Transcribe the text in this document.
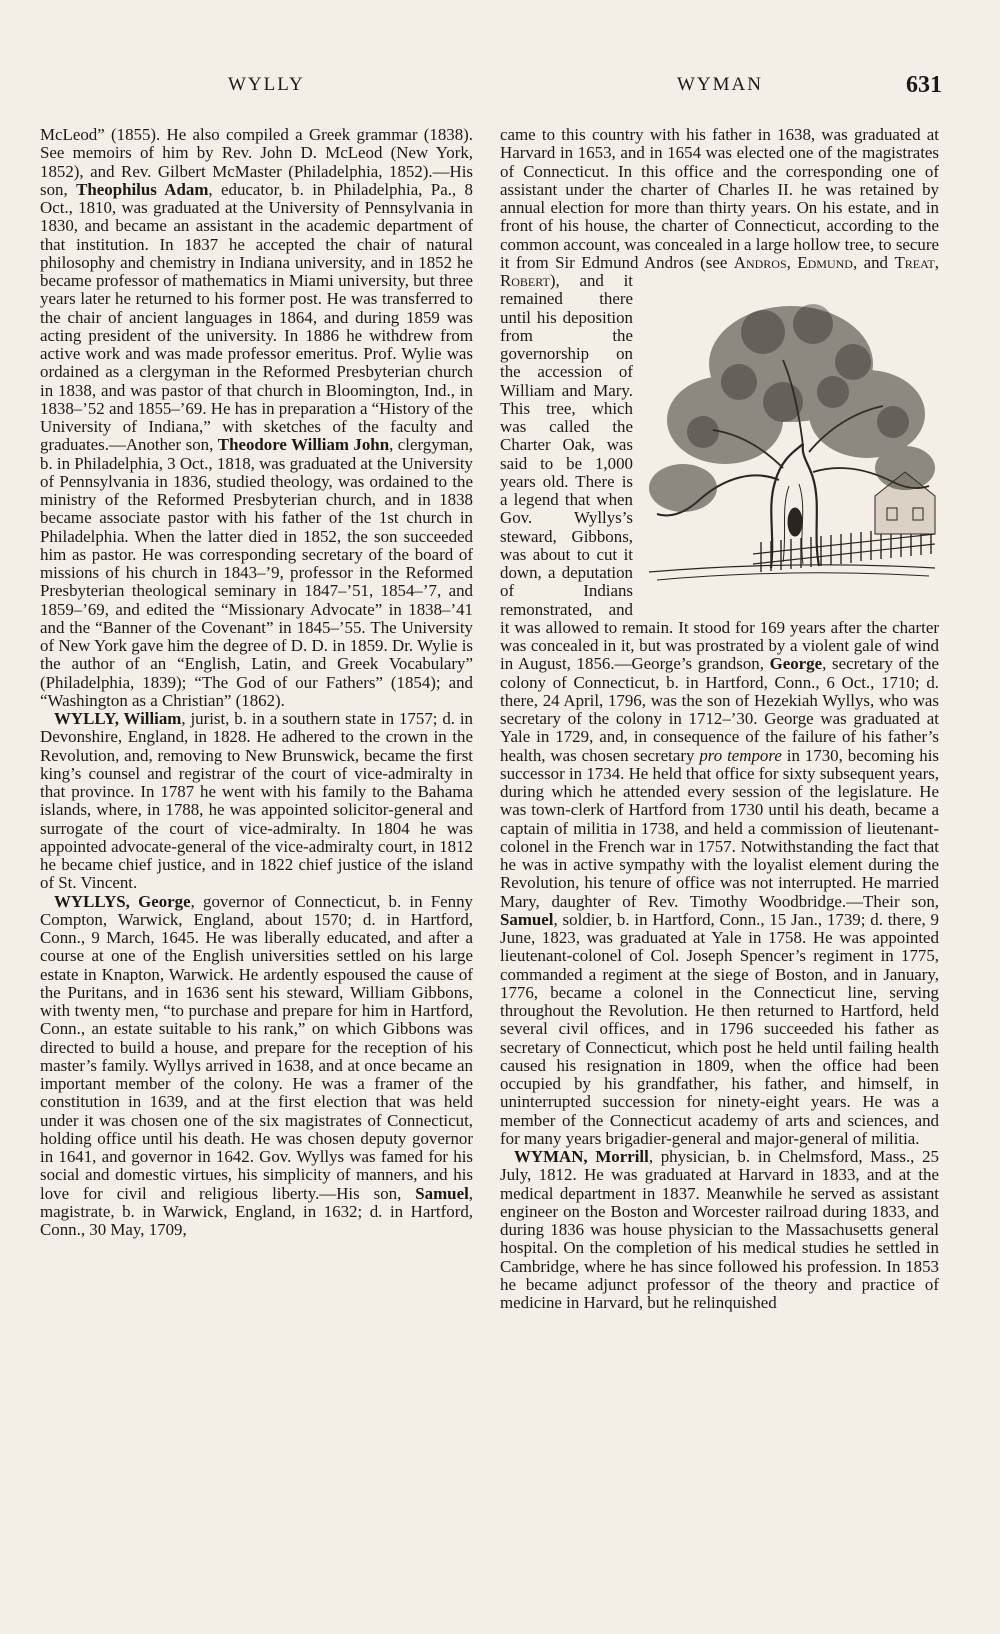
WYLLY	WYMAN	631

McLeod” (1855). He also compiled a Greek grammar (1838). See memoirs of him by Rev. John D. McLeod (New York, 1852), and Rev. Gilbert McMaster (Philadelphia, 1852).—His son, Theophilus Adam, educator, b. in Philadelphia, Pa., 8 Oct., 1810, was graduated at the University of Pennsylvania in 1830, and became an assistant in the academic department of that institution. In 1837 he accepted the chair of natural philosophy and chemistry in Indiana university, and in 1852 he became professor of mathematics in Miami university, but three years later he returned to his former post. He was transferred to the chair of ancient languages in 1864, and during 1859 was acting president of the university. In 1886 he withdrew from active work and was made professor emeritus. Prof. Wylie was ordained as a clergyman in the Reformed Presbyterian church in 1838, and was pastor of that church in Bloomington, Ind., in 1838–’52 and 1855–’69. He has in preparation a “History of the University of Indiana,” with sketches of the faculty and graduates.—Another son, Theodore William John, clergyman, b. in Philadelphia, 3 Oct., 1818, was graduated at the University of Pennsylvania in 1836, studied theology, was ordained to the ministry of the Reformed Presbyterian church, and in 1838 became associate pastor with his father of the 1st church in Philadelphia. When the latter died in 1852, the son succeeded him as pastor. He was corresponding secretary of the board of missions of his church in 1843–’9, professor in the Reformed Presbyterian theological seminary in 1847–’51, 1854–’7, and 1859–’69, and edited the “Missionary Advocate” in 1838–’41 and the “Banner of the Covenant” in 1845–’55. The University of New York gave him the degree of D. D. in 1859. Dr. Wylie is the author of an “English, Latin, and Greek Vocabulary” (Philadelphia, 1839); “The God of our Fathers” (1854); and “Washington as a Christian” (1862).

WYLLY, William, jurist, b. in a southern state in 1757; d. in Devonshire, England, in 1828. He adhered to the crown in the Revolution, and, removing to New Brunswick, became the first king’s counsel and registrar of the court of vice-admiralty in that province. In 1787 he went with his family to the Bahama islands, where, in 1788, he was appointed solicitor-general and surrogate of the court of vice-admiralty. In 1804 he was appointed advocate-general of the vice-admiralty court, in 1812 he became chief justice, and in 1822 chief justice of the island of St. Vincent.

WYLLYS, George, governor of Connecticut, b. in Fenny Compton, Warwick, England, about 1570; d. in Hartford, Conn., 9 March, 1645. He was liberally educated, and after a course at one of the English universities settled on his large estate in Knapton, Warwick. He ardently espoused the cause of the Puritans, and in 1636 sent his steward, William Gibbons, with twenty men, “to purchase and prepare for him in Hartford, Conn., an estate suitable to his rank,” on which Gibbons was directed to build a house, and prepare for the reception of his master’s family. Wyllys arrived in 1638, and at once became an important member of the colony. He was a framer of the constitution in 1639, and at the first election that was held under it was chosen one of the six magistrates of Connecticut, holding office until his death. He was chosen deputy governor in 1641, and governor in 1642. Gov. Wyllys was famed for his social and domestic virtues, his simplicity of manners, and his love for civil and religious liberty.—His son, Samuel, magistrate, b. in Warwick, England, in 1632; d. in Hartford, Conn., 30 May, 1709,

came to this country with his father in 1638, was graduated at Harvard in 1653, and in 1654 was elected one of the magistrates of Connecticut. In this office and the corresponding one of assistant under the charter of Charles II. he was retained by annual election for more than thirty years. On his estate, and in front of his house, the charter of Connecticut, according to the common account, was concealed in a large hollow tree, to secure it from Sir Edmund Andros (see
Andros, Edmund, and Treat, Robert), and it remained there until his deposition from the governorship on the accession of William and Mary. This tree, which was called the Charter Oak, was said to be 1,000 years old. There is a legend that when Gov. Wyllys’s steward, Gibbons, was about to cut it down, a deputation of Indians remonstrated, and it was allowed to remain. It stood for 169 years after the charter was concealed in it, but was prostrated by a violent gale of wind in August, 1856.—George’s grandson, George, secretary of the colony of Connecticut, b. in Hartford, Conn., 6 Oct., 1710; d. there, 24 April, 1796, was the son of Hezekiah Wyllys, who was secretary of the colony in 1712–’30. George was graduated at Yale in 1729, and, in consequence of the failure of his father’s health, was chosen secretary pro tempore in 1730, becoming his successor in 1734. He held that office for sixty subsequent years, during which he attended every session of the legislature. He was town-clerk of Hartford from 1730 until his death, became a captain of militia in 1738, and held a commission of lieutenant-colonel in the French war in 1757. Notwithstanding the fact that he was in active sympathy with the loyalist element during the Revolution, his tenure of office was not interrupted. He married Mary, daughter of Rev. Timothy Woodbridge.—Their son, Samuel, soldier, b. in Hartford, Conn., 15 Jan., 1739; d. there, 9 June, 1823, was graduated at Yale in 1758. He was appointed lieutenant-colonel of Col. Joseph Spencer’s regiment in 1775, commanded a regiment at the siege of Boston, and in January, 1776, became a colonel in the Connecticut line, serving throughout the Revolution. He then returned to Hartford, held several civil offices, and in 1796 succeeded his father as secretary of Connecticut, which post he held until failing health caused his resignation in 1809, when the office had been occupied by his grandfather, his father, and himself, in uninterrupted succession for ninety-eight years. He was a member of the Connecticut academy of arts and sciences, and for many years brigadier-general and major-general of militia.

WYMAN, Morrill, physician, b. in Chelmsford, Mass., 25 July, 1812. He was graduated at Harvard in 1833, and at the medical department in 1837. Meanwhile he served as assistant engineer on the Boston and Worcester railroad during 1833, and during 1836 was house physician to the Massachusetts general hospital. On the completion of his medical studies he settled in Cambridge, where he has since followed his profession. In 1853 he became adjunct professor of the theory and practice of medicine in Harvard, but he relinquished
